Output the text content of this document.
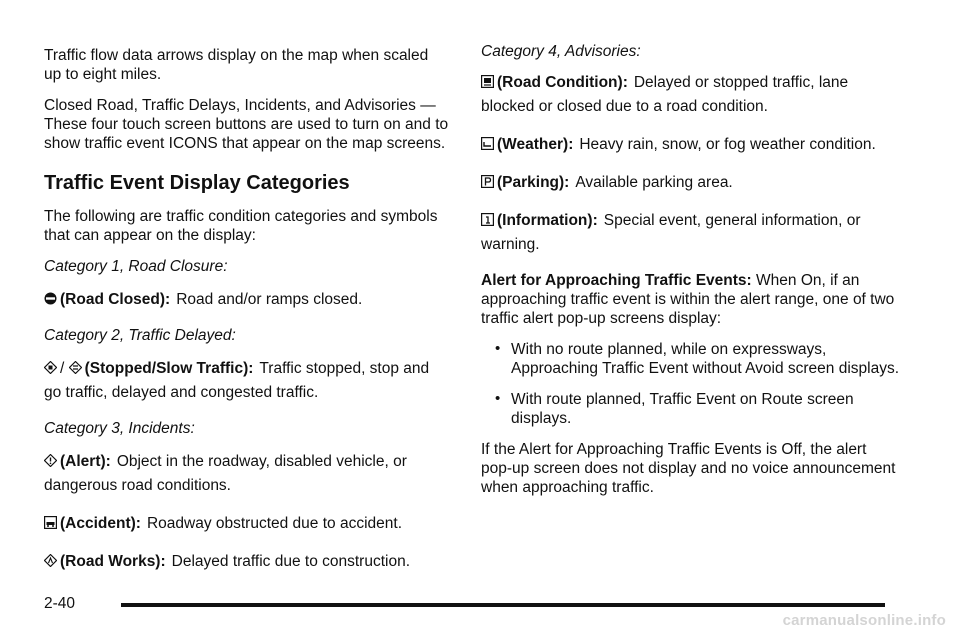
Traffic flow data arrows display on the map when scaled up to eight miles.

Closed Road, Traffic Delays, Incidents, and Advisories — These four touch screen buttons are used to turn on and to show traffic event ICONS that appear on the map screens.

Traffic Event Display Categories

The following are traffic condition categories and symbols that can appear on the display:

Category 1, Road Closure:

(Road Closed): Road and/or ramps closed.

Category 2, Traffic Delayed:

/ (Stopped/Slow Traffic): Traffic stopped, stop and go traffic, delayed and congested traffic.

Category 3, Incidents:

(Alert): Object in the roadway, disabled vehicle, or dangerous road conditions.
(Accident): Roadway obstructed due to accident.
(Road Works): Delayed traffic due to construction.

Category 4, Advisories:

(Road Condition): Delayed or stopped traffic, lane blocked or closed due to a road condition.
(Weather): Heavy rain, snow, or fog weather condition.
(Parking): Available parking area.
(Information): Special event, general information, or warning.

Alert for Approaching Traffic Events: When On, if an approaching traffic event is within the alert range, one of two traffic alert pop-up screens display:

• With no route planned, while on expressways, Approaching Traffic Event without Avoid screen displays.
• With route planned, Traffic Event on Route screen displays.

If the Alert for Approaching Traffic Events is Off, the alert pop-up screen does not display and no voice announcement when approaching traffic.

2-40
carmanualsonline.info
